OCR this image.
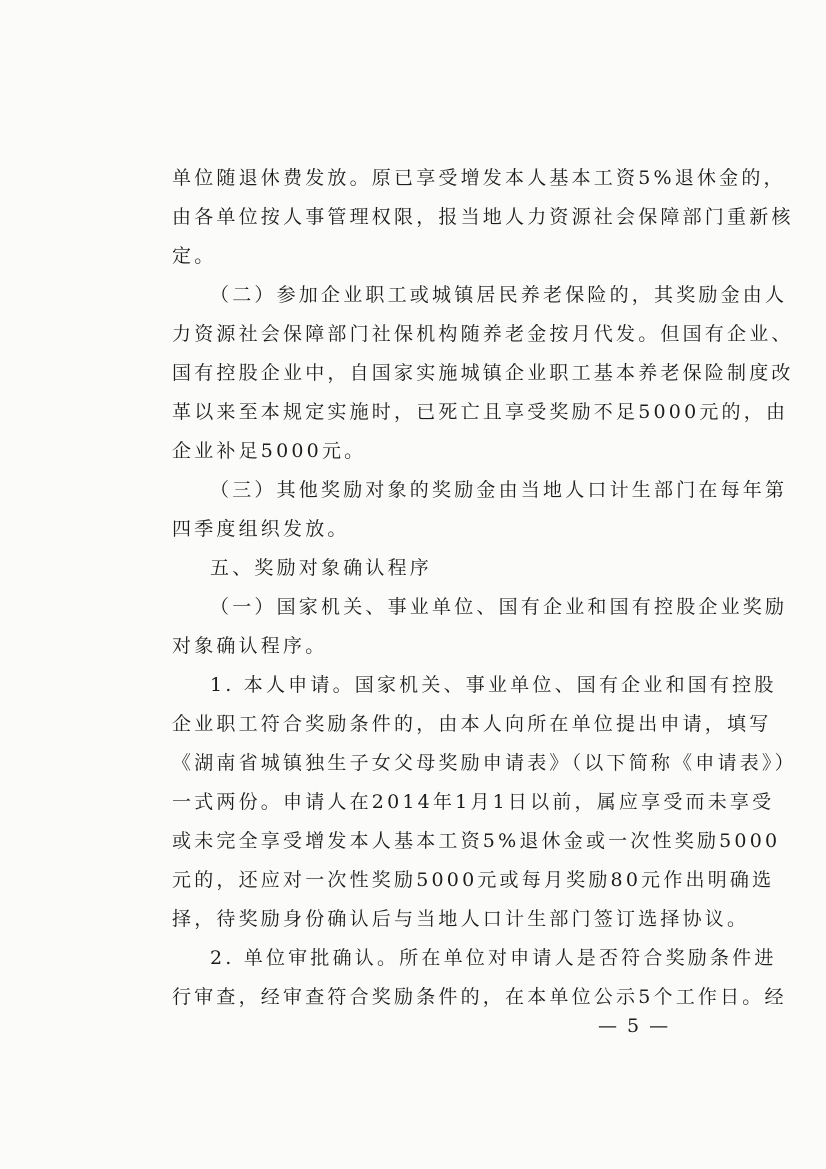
单位随退休费发放。原已享受增发本人基本工资5%退休金的，
由各单位按人事管理权限，报当地人力资源社会保障部门重新核
定。
（二）参加企业职工或城镇居民养老保险的，其奖励金由人
力资源社会保障部门社保机构随养老金按月代发。但国有企业、
国有控股企业中，自国家实施城镇企业职工基本养老保险制度改
革以来至本规定实施时，已死亡且享受奖励不足5000元的，由
企业补足5000元。
（三）其他奖励对象的奖励金由当地人口计生部门在每年第
四季度组织发放。
五、奖励对象确认程序
（一）国家机关、事业单位、国有企业和国有控股企业奖励
对象确认程序。
1. 本人申请。国家机关、事业单位、国有企业和国有控股
企业职工符合奖励条件的，由本人向所在单位提出申请，填写
《湖南省城镇独生子女父母奖励申请表》（以下简称《申请表》）
一式两份。申请人在2014年1月1日以前，属应享受而未享受
或未完全享受增发本人基本工资5%退休金或一次性奖励5000
元的，还应对一次性奖励5000元或每月奖励80元作出明确选
择，待奖励身份确认后与当地人口计生部门签订选择协议。
2. 单位审批确认。所在单位对申请人是否符合奖励条件进
行审查，经审查符合奖励条件的，在本单位公示5个工作日。经
— 5 —
